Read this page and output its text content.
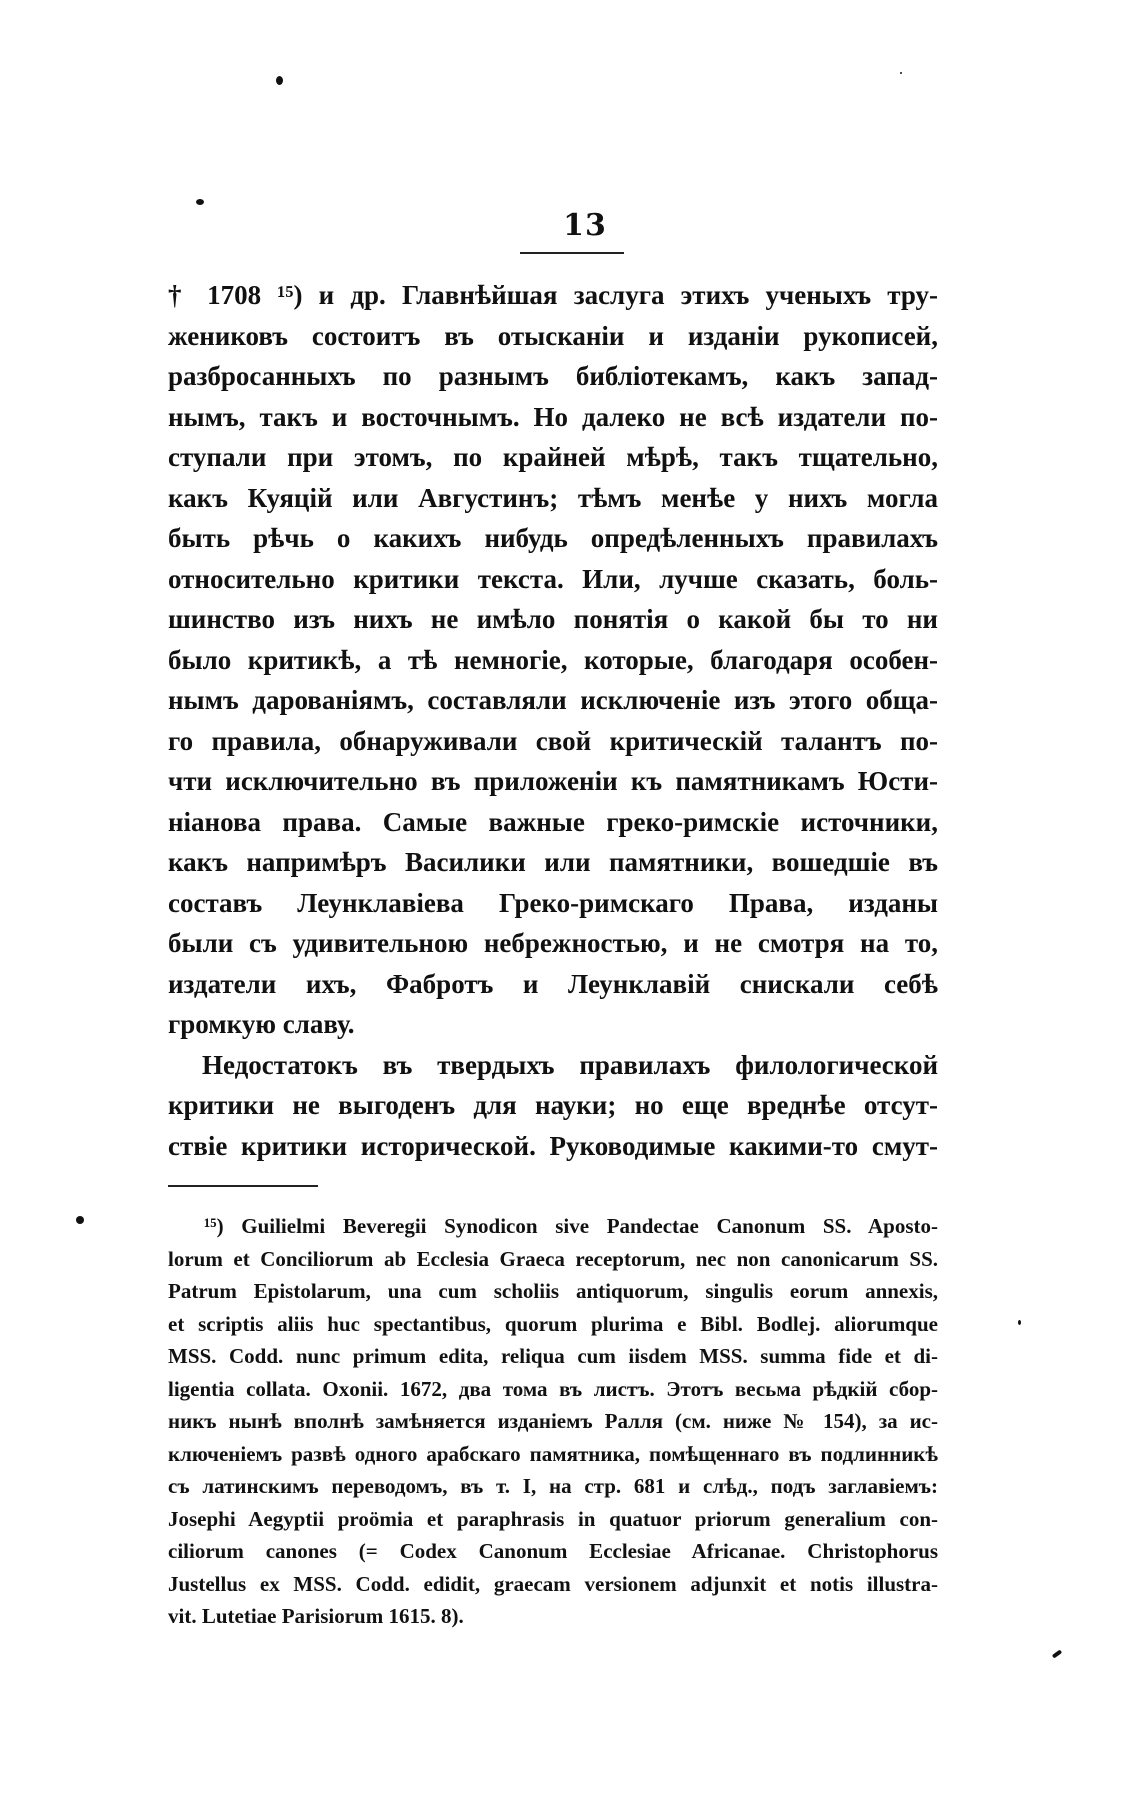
13
† 1708 ¹⁵) и др. Главнѣйшая заслуга этихъ ученыхъ тру-
жениковъ состоитъ въ отысканіи и изданіи рукописей,
разбросанныхъ по разнымъ библіотекамъ, какъ запад-
нымъ, такъ и восточнымъ. Но далеко не всѣ издатели по-
ступали при этомъ, по крайней мѣрѣ, такъ тщательно,
какъ Куяцій или Августинъ; тѣмъ менѣе у нихъ могла
быть рѣчь о какихъ нибудь опредѣленныхъ правилахъ
относительно критики текста. Или, лучше сказать, боль-
шинство изъ нихъ не имѣло понятія о какой бы то ни
было критикѣ, а тѣ немногіе, которые, благодаря особен-
нымъ дарованіямъ, составляли исключеніе изъ этого обща-
го правила, обнаруживали свой критическій талантъ по-
чти исключительно въ приложеніи къ памятникамъ Юсти-
ніанова права. Самые важные греко-римскіе источники,
какъ напримѣръ Василики или памятники, вошедшіе въ
составъ Леунклавіева Греко-римскаго Права, изданы
были съ удивительною небрежностью, и не смотря на то,
издатели ихъ, Фабротъ и Леунклавій снискали себѣ
громкую славу.
Недостатокъ въ твердыхъ правилахъ филологической
критики не выгоденъ для науки; но еще вреднѣе отсут-
ствіе критики исторической. Руководимые какими-то смут-
¹⁵) Guilielmi Beveregii Synodicon sive Pandectae Canonum SS. Aposto-
lorum et Conciliorum ab Ecclesia Graeca receptorum, nec non canonicarum SS.
Patrum Epistolarum, una cum scholiis antiquorum, singulis eorum annexis,
et scriptis aliis huc spectantibus, quorum plurima e Bibl. Bodlej. aliorumque
MSS. Codd. nunc primum edita, reliqua cum iisdem MSS. summa fide et di-
ligentia collata. Oxonii. 1672, два тома въ листъ. Этотъ весьма рѣдкій сбор-
никъ нынѣ вполнѣ замѣняется изданіемъ Ралля (см. ниже № 154), за ис-
ключеніемъ развѣ одного арабскаго памятника, помѣщеннаго въ подлинникѣ
съ латинскимъ переводомъ, въ т. I, на стр. 681 и слѣд., подъ заглавіемъ:
Josephi Aegyptii proömia et paraphrasis in quatuor priorum generalium con-
ciliorum canones (= Codex Canonum Ecclesiae Africanae. Christophorus
Justellus ex MSS. Codd. edidit, graecam versionem adjunxit et notis illustra-
vit. Lutetiae Parisiorum 1615. 8).
